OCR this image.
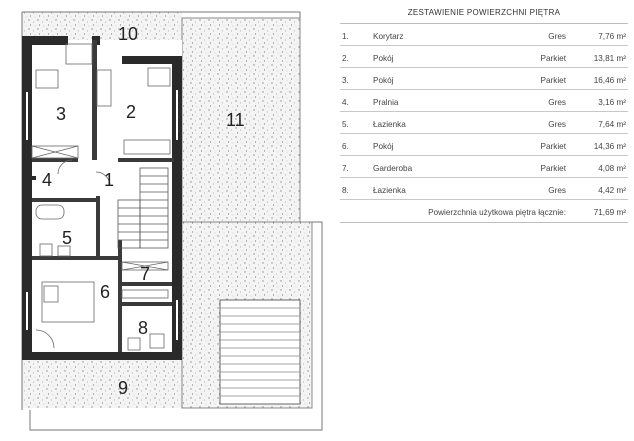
1
2
3
4
5
6
7
8
9
10
11
ZESTAWIENIE POWIERZCHNI PIĘTRA
1.	Korytarz	Gres	7,76 m²
2.	Pokój	Parkiet	13,81 m²
3.	Pokój	Parkiet	16,46 m²
4.	Pralnia	Gres	3,16 m²
5.	Łazienka	Gres	7,64 m²
6.	Pokój	Parkiet	14,36 m²
7.	Garderoba	Parkiet	4,08 m²
8.	Łazienka	Gres	4,42 m²
Powierzchnia użytkowa piętra łącznie:	71,69 m²
